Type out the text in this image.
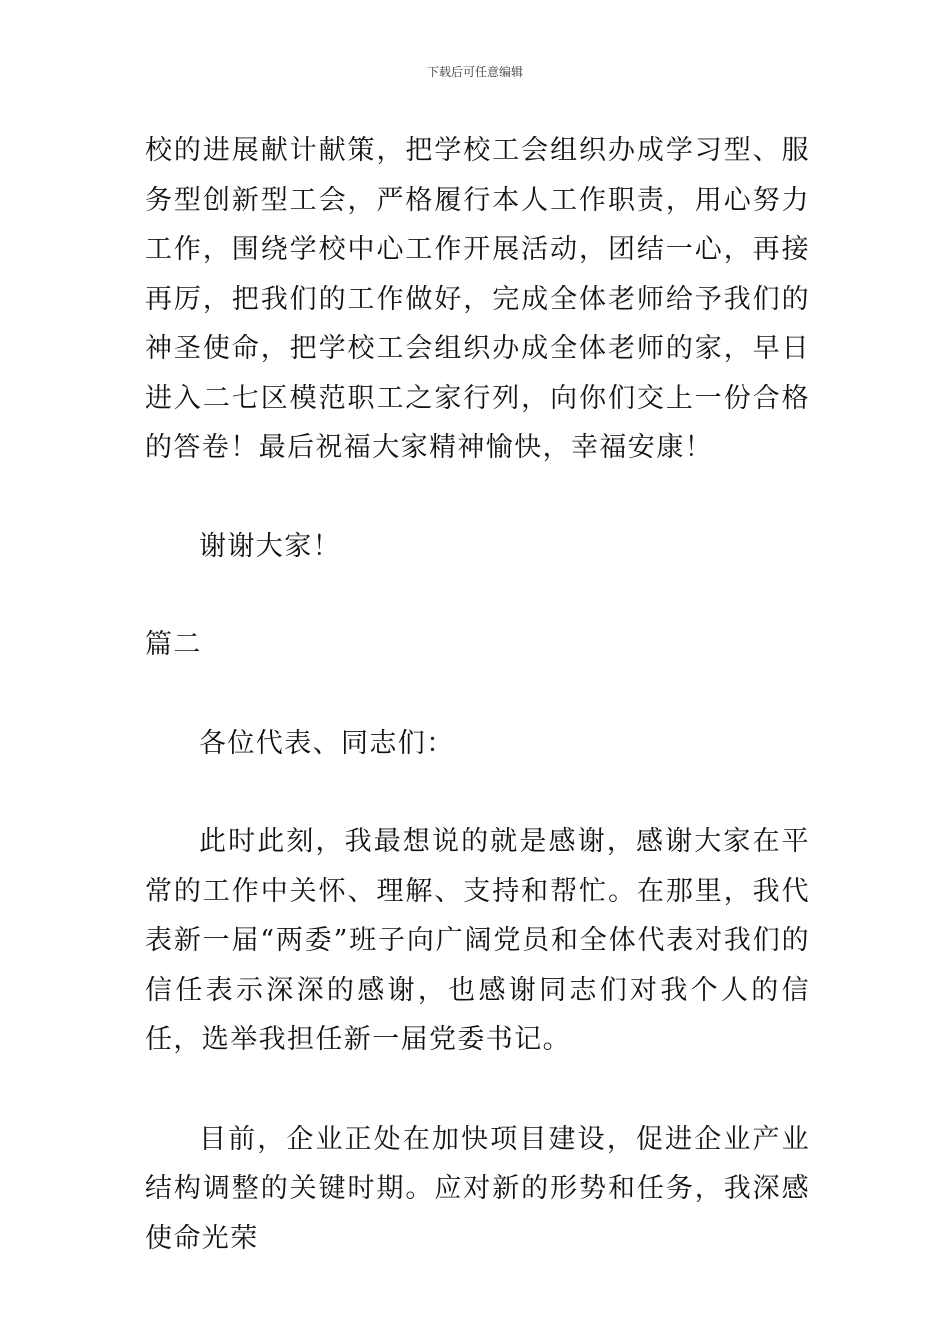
下载后可任意编辑

校的进展献计献策，把学校工会组织办成学习型、服务型创新型工会，严格履行本人工作职责，用心努力工作，围绕学校中心工作开展活动，团结一心，再接再厉，把我们的工作做好，完成全体老师给予我们的神圣使命，把学校工会组织办成全体老师的家，早日进入二七区模范职工之家行列，向你们交上一份合格的答卷！最后祝福大家精神愉快，幸福安康！

谢谢大家！

篇二

各位代表、同志们：

此时此刻，我最想说的就是感谢，感谢大家在平常的工作中关怀、理解、支持和帮忙。在那里，我代表新一届“两委”班子向广阔党员和全体代表对我们的信任表示深深的感谢，也感谢同志们对我个人的信任，选举我担任新一届党委书记。

目前，企业正处在加快项目建设，促进企业产业结构调整的关键时期。应对新的形势和任务，我深感使命光荣
